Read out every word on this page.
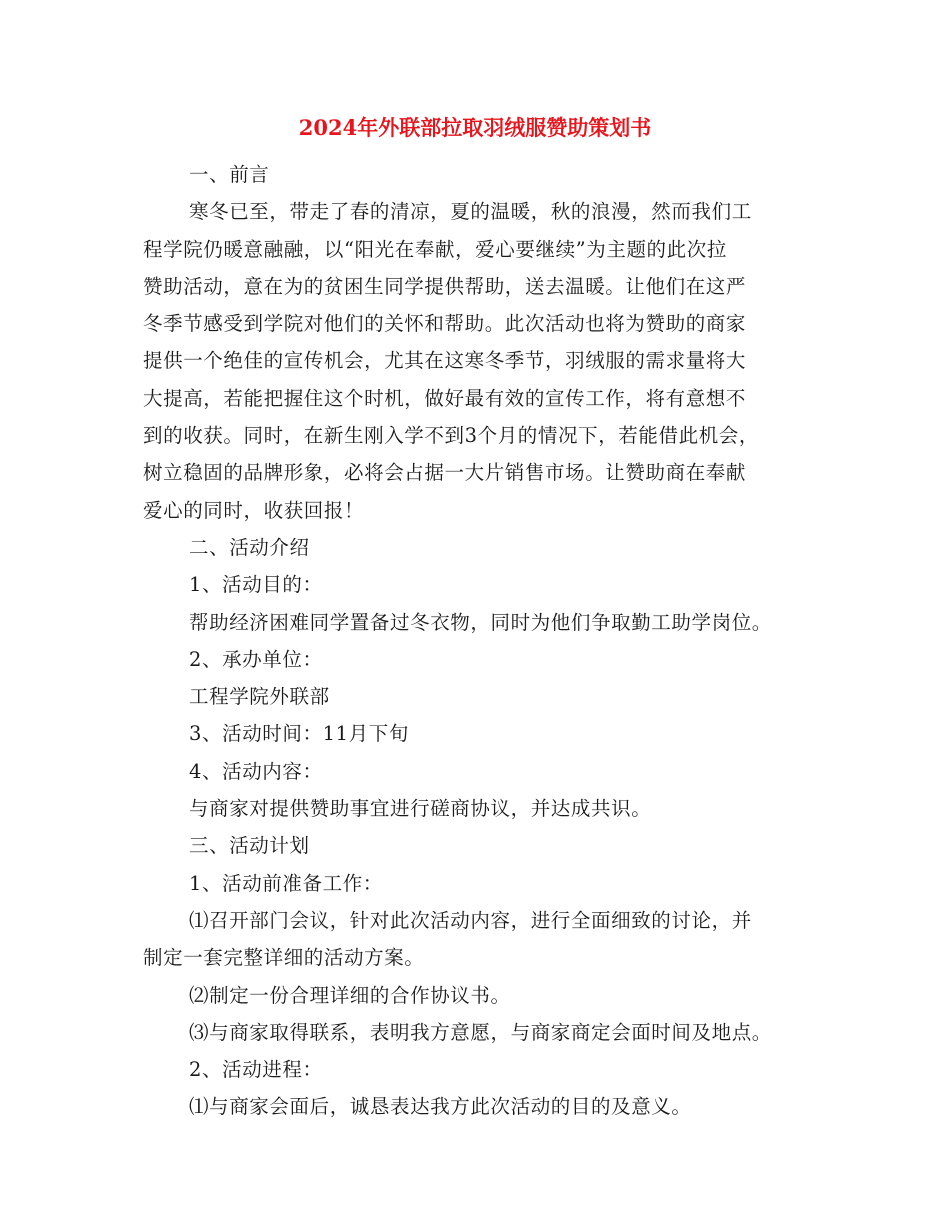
2024年外联部拉取羽绒服赞助策划书

一、前言

寒冬已至，带走了春的清凉，夏的温暖，秋的浪漫，然而我们工

程学院仍暖意融融，以“阳光在奉献，爱心要继续”为主题的此次拉

赞助活动，意在为的贫困生同学提供帮助，送去温暖。让他们在这严

冬季节感受到学院对他们的关怀和帮助。此次活动也将为赞助的商家

提供一个绝佳的宣传机会，尤其在这寒冬季节，羽绒服的需求量将大

大提高，若能把握住这个时机，做好最有效的宣传工作，将有意想不

到的收获。同时，在新生刚入学不到3个月的情况下，若能借此机会，

树立稳固的品牌形象，必将会占据一大片销售市场。让赞助商在奉献

爱心的同时，收获回报！

二、活动介绍

1、活动目的：

帮助经济困难同学置备过冬衣物，同时为他们争取勤工助学岗位。

2、承办单位：

工程学院外联部

3、活动时间：11月下旬

4、活动内容：

与商家对提供赞助事宜进行磋商协议，并达成共识。

三、活动计划

1、活动前准备工作：

⑴召开部门会议，针对此次活动内容，进行全面细致的讨论，并

制定一套完整详细的活动方案。

⑵制定一份合理详细的合作协议书。

⑶与商家取得联系，表明我方意愿，与商家商定会面时间及地点。

2、活动进程：

⑴与商家会面后，诚恳表达我方此次活动的目的及意义。
